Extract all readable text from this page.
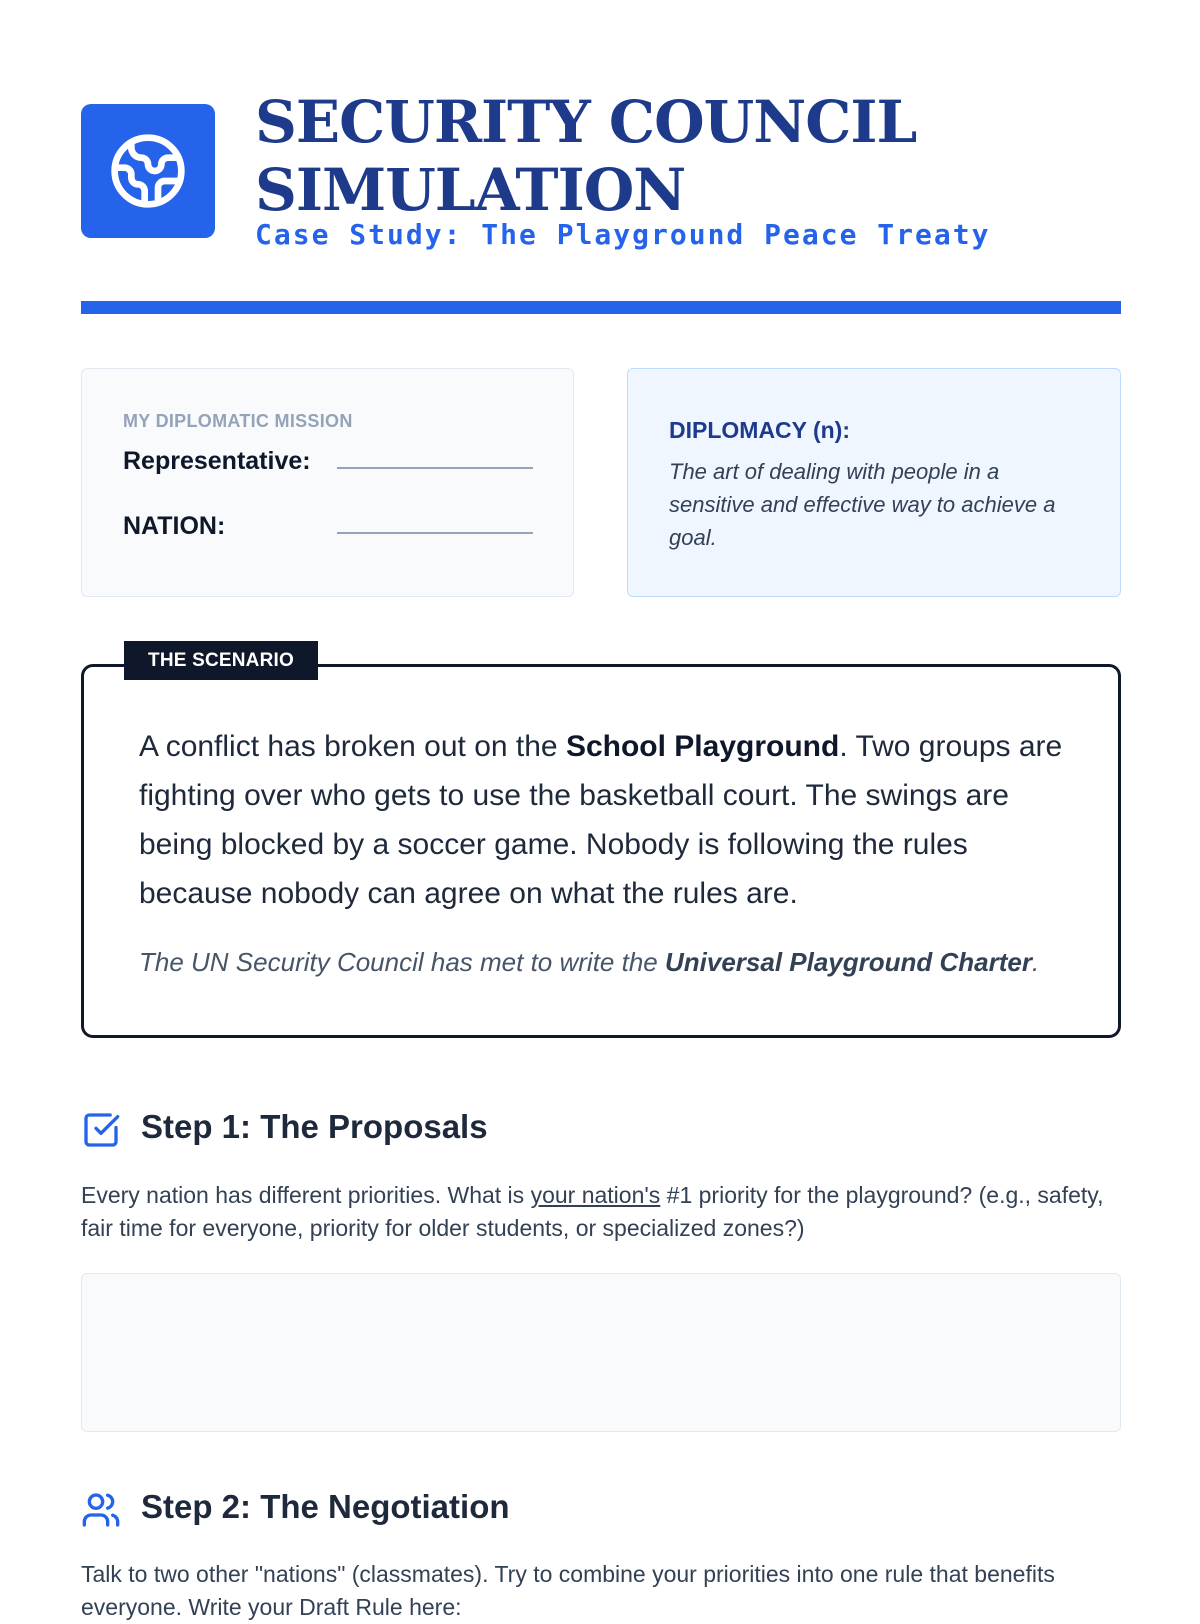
SECURITY COUNCIL
SIMULATION
Case Study: The Playground Peace Treaty
MY DIPLOMATIC MISSION
Representative:
NATION:
DIPLOMACY (n):
The art of dealing with people in a sensitive and effective way to achieve a goal.
A conflict has broken out on the School Playground. Two groups are fighting over who gets to use the basketball court. The swings are being blocked by a soccer game. Nobody is following the rules because nobody can agree on what the rules are.
The UN Security Council has met to write the Universal Playground Charter.
THE SCENARIO
Step 1: The Proposals
Every nation has different priorities. What is your nation's #1 priority for the playground? (e.g., safety, fair time for everyone, priority for older students, or specialized zones?)
Step 2: The Negotiation
Talk to two other "nations" (classmates). Try to combine your priorities into one rule that benefits everyone. Write your Draft Rule here:
